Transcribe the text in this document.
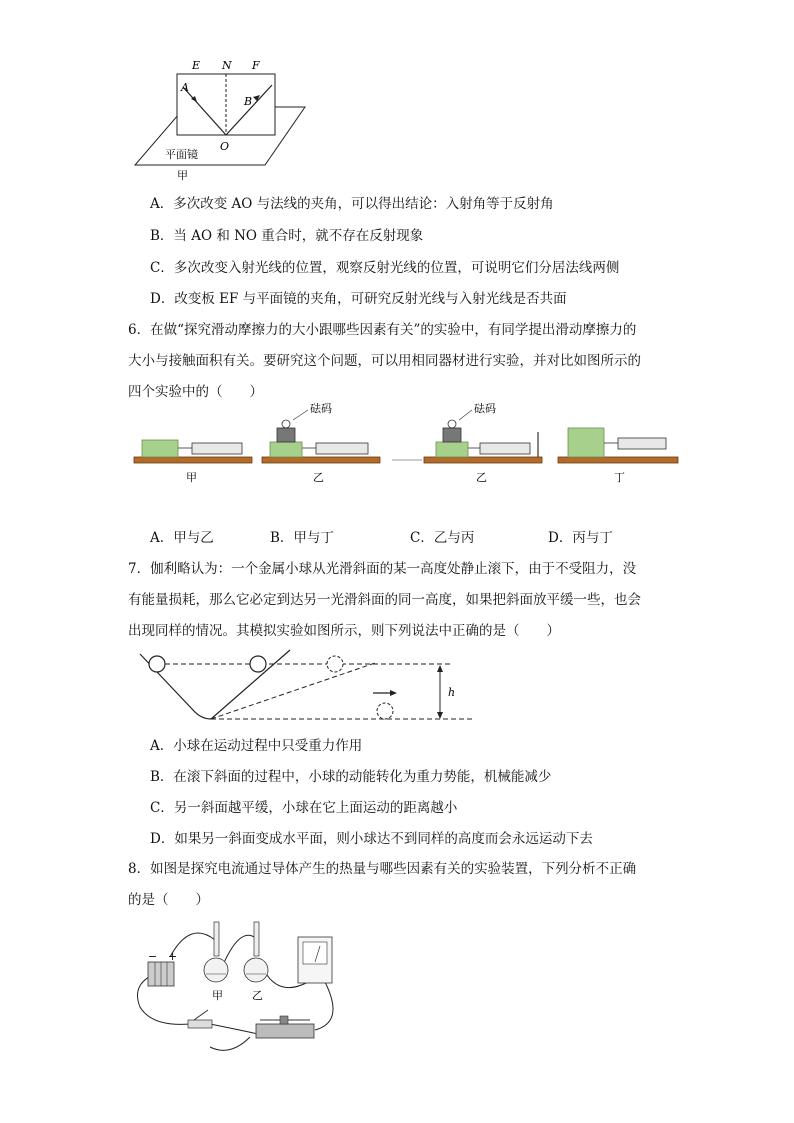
E N F
A
B
O
平面镜
甲
A．多次改变 AO 与法线的夹角，可以得出结论：入射角等于反射角
B．当 AO 和 NO 重合时，就不存在反射现象
C．多次改变入射光线的位置，观察反射光线的位置，可说明它们分居法线两侧
D．改变板 EF 与平面镜的夹角，可研究反射光线与入射光线是否共面
6．在做“探究滑动摩擦力的大小跟哪些因素有关”的实验中，有同学提出滑动摩擦力的
大小与接触面积有关。要研究这个问题，可以用相同器材进行实验，并对比如图所示的
四个实验中的（　　）
甲
砝码
乙
砝码
乙	丁
A．甲与乙	B．甲与丁	C．乙与丙	D．丙与丁
7．伽利略认为：一个金属小球从光滑斜面的某一高度处静止滚下，由于不受阻力，没
有能量损耗，那么它必定到达另一光滑斜面的同一高度，如果把斜面放平缓一些，也会
出现同样的情况。其模拟实验如图所示，则下列说法中正确的是（　　）
h
A．小球在运动过程中只受重力作用
B．在滚下斜面的过程中，小球的动能转化为重力势能，机械能减少
C．另一斜面越平缓，小球在它上面运动的距离越小
D．如果另一斜面变成水平面，则小球达不到同样的高度而会永远运动下去
8．如图是探究电流通过导体产生的热量与哪些因素有关的实验装置，下列分析不正确
的是（　　）
− +
甲	乙
